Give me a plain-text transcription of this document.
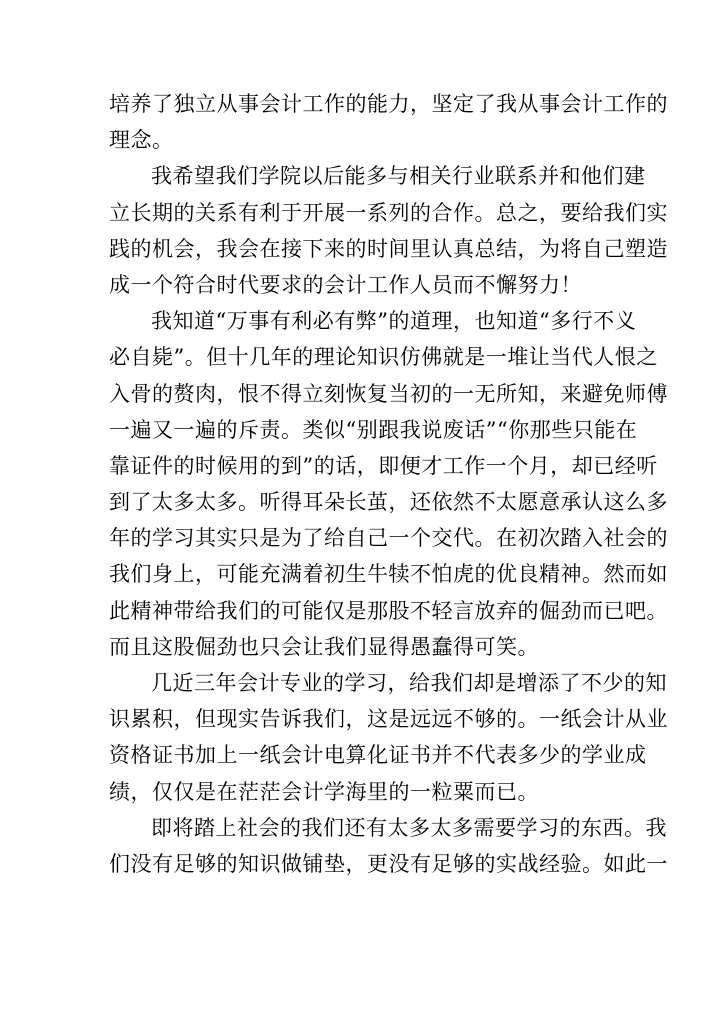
培养了独立从事会计工作的能力，坚定了我从事会计工作的
理念。
我希望我们学院以后能多与相关行业联系并和他们建
立长期的关系有利于开展一系列的合作。总之，要给我们实
践的机会，我会在接下来的时间里认真总结，为将自己塑造
成一个符合时代要求的会计工作人员而不懈努力！
我知道“万事有利必有弊”的道理，也知道“多行不义
必自毙”。但十几年的理论知识仿佛就是一堆让当代人恨之
入骨的赘肉，恨不得立刻恢复当初的一无所知，来避免师傅
一遍又一遍的斥责。类似“别跟我说废话”“你那些只能在
靠证件的时候用的到”的话，即便才工作一个月，却已经听
到了太多太多。听得耳朵长茧，还依然不太愿意承认这么多
年的学习其实只是为了给自己一个交代。在初次踏入社会的
我们身上，可能充满着初生牛犊不怕虎的优良精神。然而如
此精神带给我们的可能仅是那股不轻言放弃的倔劲而已吧。
而且这股倔劲也只会让我们显得愚蠢得可笑。
几近三年会计专业的学习，给我们却是增添了不少的知
识累积，但现实告诉我们，这是远远不够的。一纸会计从业
资格证书加上一纸会计电算化证书并不代表多少的学业成
绩，仅仅是在茫茫会计学海里的一粒粟而已。
即将踏上社会的我们还有太多太多需要学习的东西。我
们没有足够的知识做铺垫，更没有足够的实战经验。如此一
